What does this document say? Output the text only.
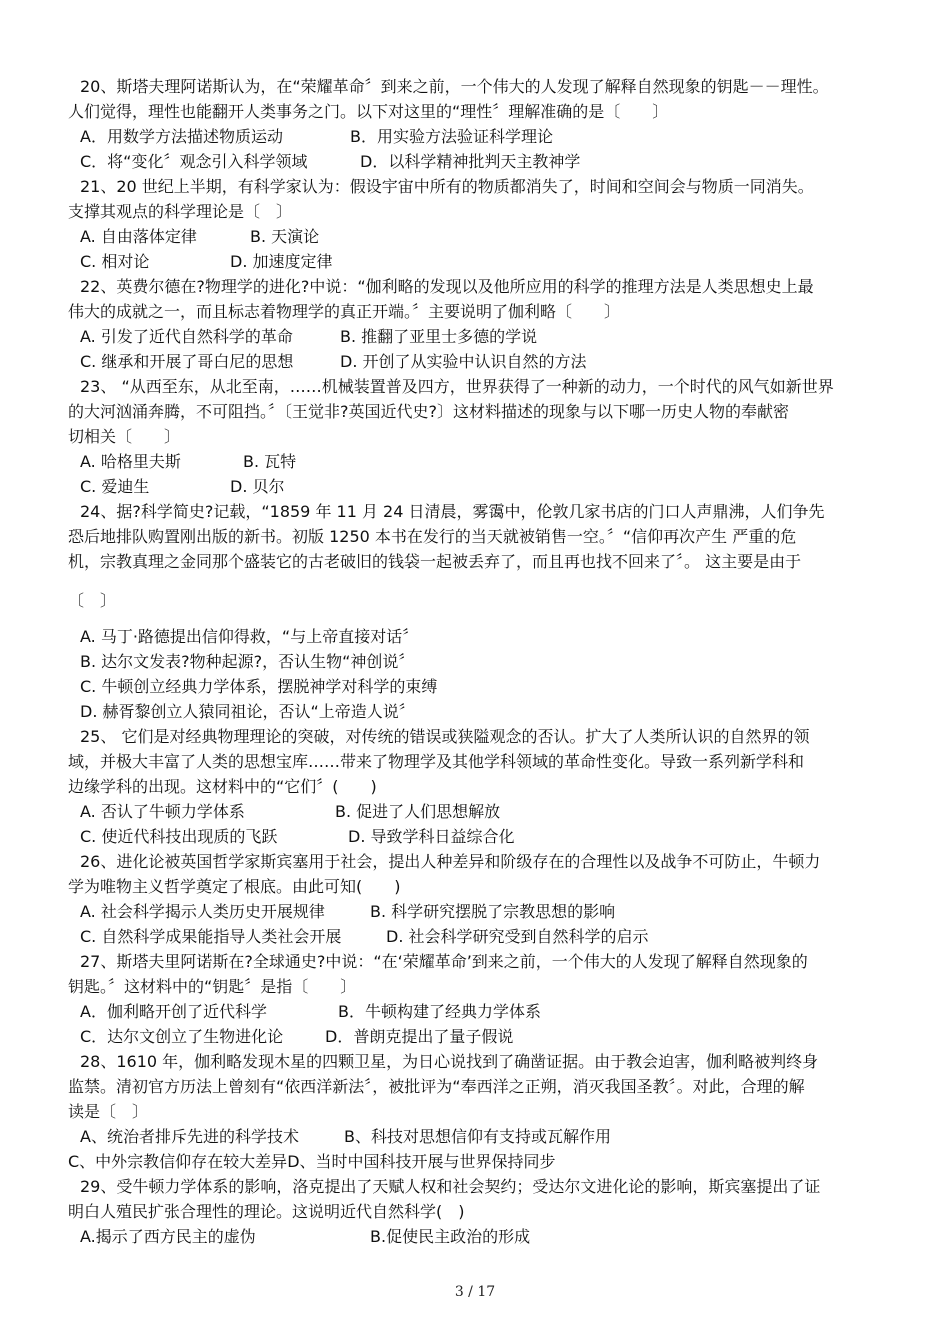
20、斯塔夫理阿诺斯认为，在“荣耀革命〞到来之前，一个伟大的人发现了解释自然现象的钥匙－－理性。
人们觉得，理性也能翻开人类事务之门。以下对这里的“理性〞理解准确的是〔　　〕
A．用数学方法描述物质运动	B．用实验方法验证科学理论
C．将“变化〞观念引入科学领域	D．以科学精神批判天主教神学
21、20 世纪上半期，有科学家认为：假设宇宙中所有的物质都消失了，时间和空间会与物质一同消失。
支撑其观点的科学理论是〔　〕
A. 自由落体定律	B. 天演论
C. 相对论	D. 加速度定律
22、英费尔德在?物理学的进化?中说：“伽利略的发现以及他所应用的科学的推理方法是人类思想史上最
伟大的成就之一，而且标志着物理学的真正开端。〞主要说明了伽利略〔　　〕
A. 引发了近代自然科学的革命	B. 推翻了亚里士多德的学说
C. 继承和开展了哥白尼的思想	D. 开创了从实验中认识自然的方法
23、 “从西至东，从北至南，……机械装置普及四方，世界获得了一种新的动力，一个时代的风气如新世界
的大河汹涌奔腾，不可阻挡。〞〔王觉非?英国近代史?〕这材料描述的现象与以下哪一历史人物的奉献密
切相关〔　　〕
A. 哈格里夫斯	B. 瓦特
C. 爱迪生	D. 贝尔
24、据?科学简史?记载，“1859 年 11 月 24 日清晨，雾霭中，伦敦几家书店的门口人声鼎沸，人们争先
恐后地排队购置刚出版的新书。初版 1250 本书在发行的当天就被销售一空。〞“信仰再次产生 严重的危
机，宗教真理之金同那个盛装它的古老破旧的钱袋一起被丢弃了，而且再也找不回来了〞。 这主要是由于
〔　〕
A. 马丁·路德提出信仰得救，“与上帝直接对话〞
B. 达尔文发表?物种起源?，否认生物“神创说〞
C. 牛顿创立经典力学体系，摆脱神学对科学的束缚
D. 赫胥黎创立人猿同祖论，否认“上帝造人说〞
25、 它们是对经典物理理论的突破，对传统的错误或狭隘观念的否认。扩大了人类所认识的自然界的领
域，并极大丰富了人类的思想宝库……带来了物理学及其他学科领域的革命性变化。导致一系列新学科和
边缘学科的出现。这材料中的“它们〞(　　)
A. 否认了牛顿力学体系	B. 促进了人们思想解放
C. 使近代科技出现质的飞跃	D. 导致学科日益综合化
26、进化论被英国哲学家斯宾塞用于社会，提出人种差异和阶级存在的合理性以及战争不可防止，牛顿力
学为唯物主义哲学奠定了根底。由此可知(　　)
A. 社会科学揭示人类历史开展规律	B. 科学研究摆脱了宗教思想的影响
C. 自然科学成果能指导人类社会开展	D. 社会科学研究受到自然科学的启示
27、斯塔夫里阿诺斯在?全球通史?中说：“在‘荣耀革命’到来之前，一个伟大的人发现了解释自然现象的
钥匙。〞这材料中的“钥匙〞是指〔　　〕
A．伽利略开创了近代科学	B．牛顿构建了经典力学体系
C．达尔文创立了生物进化论	D．普朗克提出了量子假说
28、1610 年，伽利略发现木星的四颗卫星，为日心说找到了确凿证据。由于教会迫害，伽利略被判终身
监禁。清初官方历法上曾刻有“依西洋新法〞，被批评为“奉西洋之正朔，消灭我国圣教〞。对此，合理的解
读是〔　〕
A、统治者排斥先进的科学技术	B、科技对思想信仰有支持或瓦解作用
C、中外宗教信仰存在较大差异D、当时中国科技开展与世界保持同步
29、受牛顿力学体系的影响，洛克提出了天赋人权和社会契约；受达尔文进化论的影响，斯宾塞提出了证
明白人殖民扩张合理性的理论。这说明近代自然科学(　)
A.揭示了西方民主的虚伪	B.促使民主政治的形成
3 / 17
